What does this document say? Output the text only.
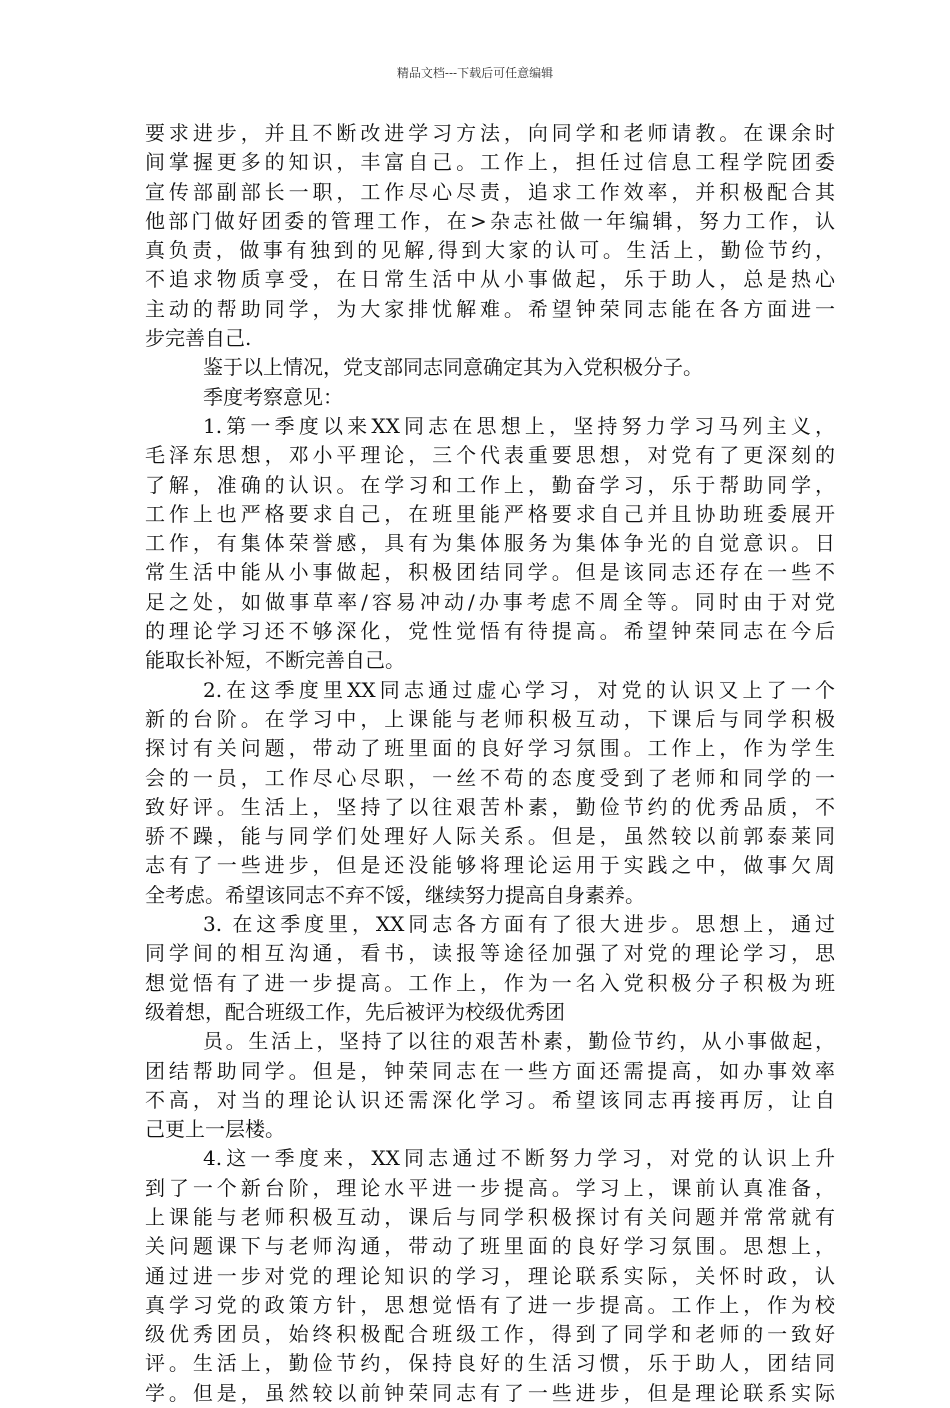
精品文档---下载后可任意编辑
要求进步，并且不断改进学习方法，向同学和老师请教。在课余时
间掌握更多的知识，丰富自己。工作上，担任过信息工程学院团委
宣传部副部长一职，工作尽心尽责，追求工作效率，并积极配合其
他部门做好团委的管理工作，在>杂志社做一年编辑，努力工作，认
真负责，做事有独到的见解,得到大家的认可。生活上，勤俭节约，
不追求物质享受，在日常生活中从小事做起，乐于助人，总是热心
主动的帮助同学，为大家排忧解难。希望钟荣同志能在各方面进一
步完善自己.
鉴于以上情况，党支部同志同意确定其为入党积极分子。
季度考察意见：
1.第一季度以来XX同志在思想上，坚持努力学习马列主义，
毛泽东思想，邓小平理论，三个代表重要思想，对党有了更深刻的
了解，准确的认识。在学习和工作上，勤奋学习，乐于帮助同学，
工作上也严格要求自己，在班里能严格要求自己并且协助班委展开
工作，有集体荣誉感，具有为集体服务为集体争光的自觉意识。日
常生活中能从小事做起，积极团结同学。但是该同志还存在一些不
足之处，如做事草率/容易冲动/办事考虑不周全等。同时由于对党
的理论学习还不够深化，党性觉悟有待提高。希望钟荣同志在今后
能取长补短，不断完善自己。
2.在这季度里XX同志通过虚心学习，对党的认识又上了一个
新的台阶。在学习中，上课能与老师积极互动，下课后与同学积极
探讨有关问题，带动了班里面的良好学习氛围。工作上，作为学生
会的一员，工作尽心尽职，一丝不苟的态度受到了老师和同学的一
致好评。生活上，坚持了以往艰苦朴素，勤俭节约的优秀品质，不
骄不躁，能与同学们处理好人际关系。但是，虽然较以前郭泰莱同
志有了一些进步，但是还没能够将理论运用于实践之中，做事欠周
全考虑。希望该同志不弃不馁，继续努力提高自身素养。
3. 在这季度里，XX同志各方面有了很大进步。思想上，通过
同学间的相互沟通，看书，读报等途径加强了对党的理论学习，思
想觉悟有了进一步提高。工作上，作为一名入党积极分子积极为班
级着想，配合班级工作，先后被评为校级优秀团
员。生活上，坚持了以往的艰苦朴素，勤俭节约，从小事做起，
团结帮助同学。但是，钟荣同志在一些方面还需提高，如办事效率
不高，对当的理论认识还需深化学习。希望该同志再接再厉，让自
己更上一层楼。
4.这一季度来，XX同志通过不断努力学习，对党的认识上升
到了一个新台阶，理论水平进一步提高。学习上，课前认真准备，
上课能与老师积极互动，课后与同学积极探讨有关问题并常常就有
关问题课下与老师沟通，带动了班里面的良好学习氛围。思想上，
通过进一步对党的理论知识的学习，理论联系实际，关怀时政，认
真学习党的政策方针，思想觉悟有了进一步提高。工作上，作为校
级优秀团员，始终积极配合班级工作，得到了同学和老师的一致好
评。生活上，勤俭节约，保持良好的生活习惯，乐于助人，团结同
学。但是，虽然较以前钟荣同志有了一些进步，但是理论联系实际
